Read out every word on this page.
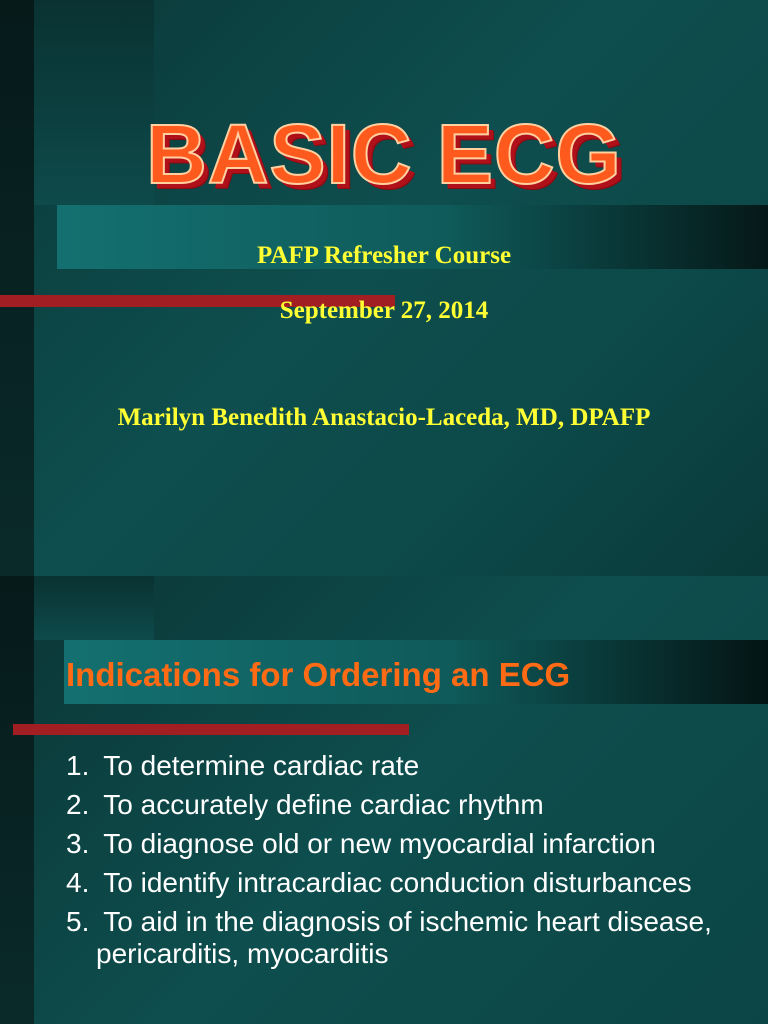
BASIC ECG

PAFP Refresher Course

September 27, 2014

Marilyn Benedith Anastacio-Laceda, MD, DPAFP

Indications for Ordering an ECG
1. To determine cardiac rate
2. To accurately define cardiac rhythm
3. To diagnose old or new myocardial infarction
4. To identify intracardiac conduction disturbances
5. To aid in the diagnosis of ischemic heart disease, pericarditis, myocarditis
